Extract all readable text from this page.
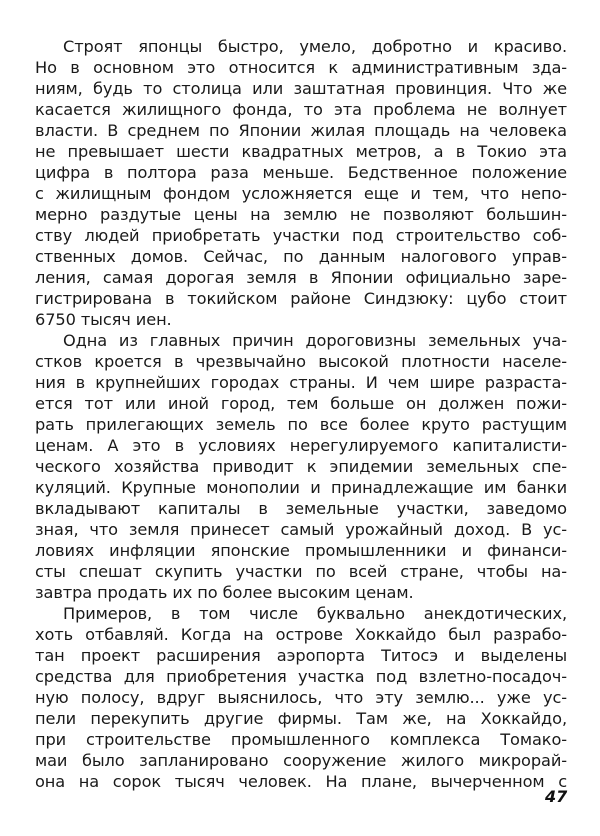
Строят японцы быстро, умело, добротно и красиво.
Но в основном это относится к административным зда-
ниям, будь то столица или заштатная провинция. Что же
касается жилищного фонда, то эта проблема не волнует
власти. В среднем по Японии жилая площадь на человека
не превышает шести квадратных метров, а в Токио эта
цифра в полтора раза меньше. Бедственное положение
с жилищным фондом усложняется еще и тем, что непо-
мерно раздутые цены на землю не позволяют большин-
ству людей приобретать участки под строительство соб-
ственных домов. Сейчас, по данным налогового управ-
ления, самая дорогая земля в Японии официально заре-
гистрирована в токийском районе Синдзюку: цубо стоит
6750 тысяч иен.
Одна из главных причин дороговизны земельных уча-
стков кроется в чрезвычайно высокой плотности населе-
ния в крупнейших городах страны. И чем шире разраста-
ется тот или иной город, тем больше он должен пожи-
рать прилегающих земель по все более круто растущим
ценам. А это в условиях нерегулируемого капиталисти-
ческого хозяйства приводит к эпидемии земельных спе-
куляций. Крупные монополии и принадлежащие им банки
вкладывают капиталы в земельные участки, заведомо
зная, что земля принесет самый урожайный доход. В ус-
ловиях инфляции японские промышленники и финанси-
сты спешат скупить участки по всей стране, чтобы на-
завтра продать их по более высоким ценам.
Примеров, в том числе буквально анекдотических,
хоть отбавляй. Когда на острове Хоккайдо был разрабо-
тан проект расширения аэропорта Титосэ и выделены
средства для приобретения участка под взлетно-посадоч-
ную полосу, вдруг выяснилось, что эту землю... уже ус-
пели перекупить другие фирмы. Там же, на Хоккайдо,
при строительстве промышленного комплекса Томако-
маи было запланировано сооружение жилого микрорай-
она на сорок тысяч человек. На плане, вычерченном с
47
